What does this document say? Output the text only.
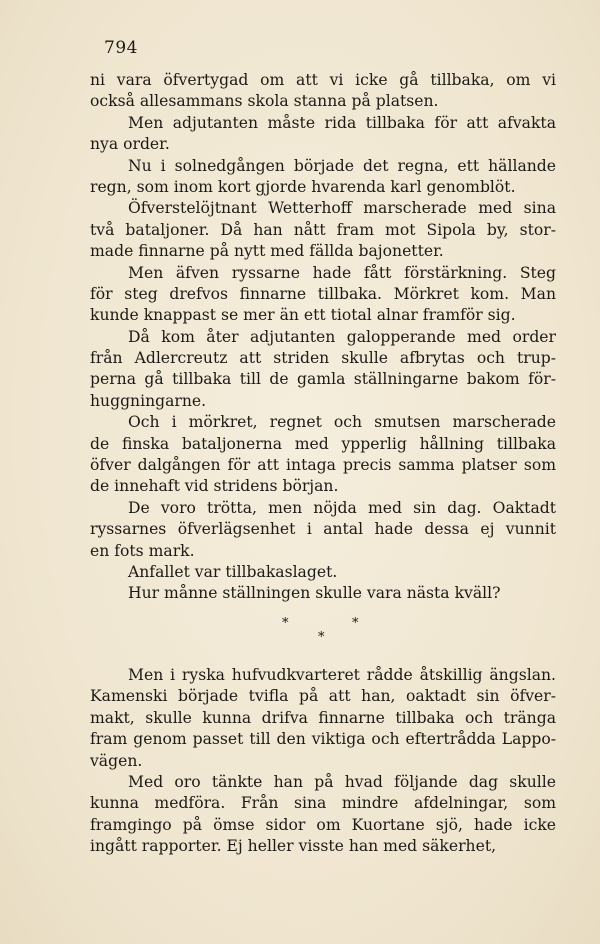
794
ni vara öfvertygad om att vi icke gå tillbaka, om vi
också allesammans skola stanna på platsen.
Men adjutanten måste rida tillbaka för att afvakta
nya order.
Nu i solnedgången började det regna, ett hällande
regn, som inom kort gjorde hvarenda karl genomblöt.
Öfverstelöjtnant Wetterhoff marscherade med sina
två bataljoner. Då han nått fram mot Sipola by, stor-
made finnarne på nytt med fällda bajonetter.
Men äfven ryssarne hade fått förstärkning. Steg
för steg drefvos finnarne tillbaka. Mörkret kom. Man
kunde knappast se mer än ett tiotal alnar framför sig.
Då kom åter adjutanten galopperande med order
från Adlercreutz att striden skulle afbrytas och trup-
perna gå tillbaka till de gamla ställningarne bakom för-
huggningarne.
Och i mörkret, regnet och smutsen marscherade
de finska bataljonerna med ypperlig hållning tillbaka
öfver dalgången för att intaga precis samma platser som
de innehaft vid stridens början.
De voro trötta, men nöjda med sin dag. Oaktadt
ryssarnes öfverlägsenhet i antal hade dessa ej vunnit
en fots mark.
Anfallet var tillbakaslaget.
Hur månne ställningen skulle vara nästa kväll?
*	*
*
Men i ryska hufvudkvarteret rådde åtskillig ängslan.
Kamenski började tvifla på att han, oaktadt sin öfver-
makt, skulle kunna drifva finnarne tillbaka och tränga
fram genom passet till den viktiga och eftertrådda Lappo-
vägen.
Med oro tänkte han på hvad följande dag skulle
kunna medföra. Från sina mindre afdelningar, som
framgingo på ömse sidor om Kuortane sjö, hade icke
ingått rapporter. Ej heller visste han med säkerhet,
